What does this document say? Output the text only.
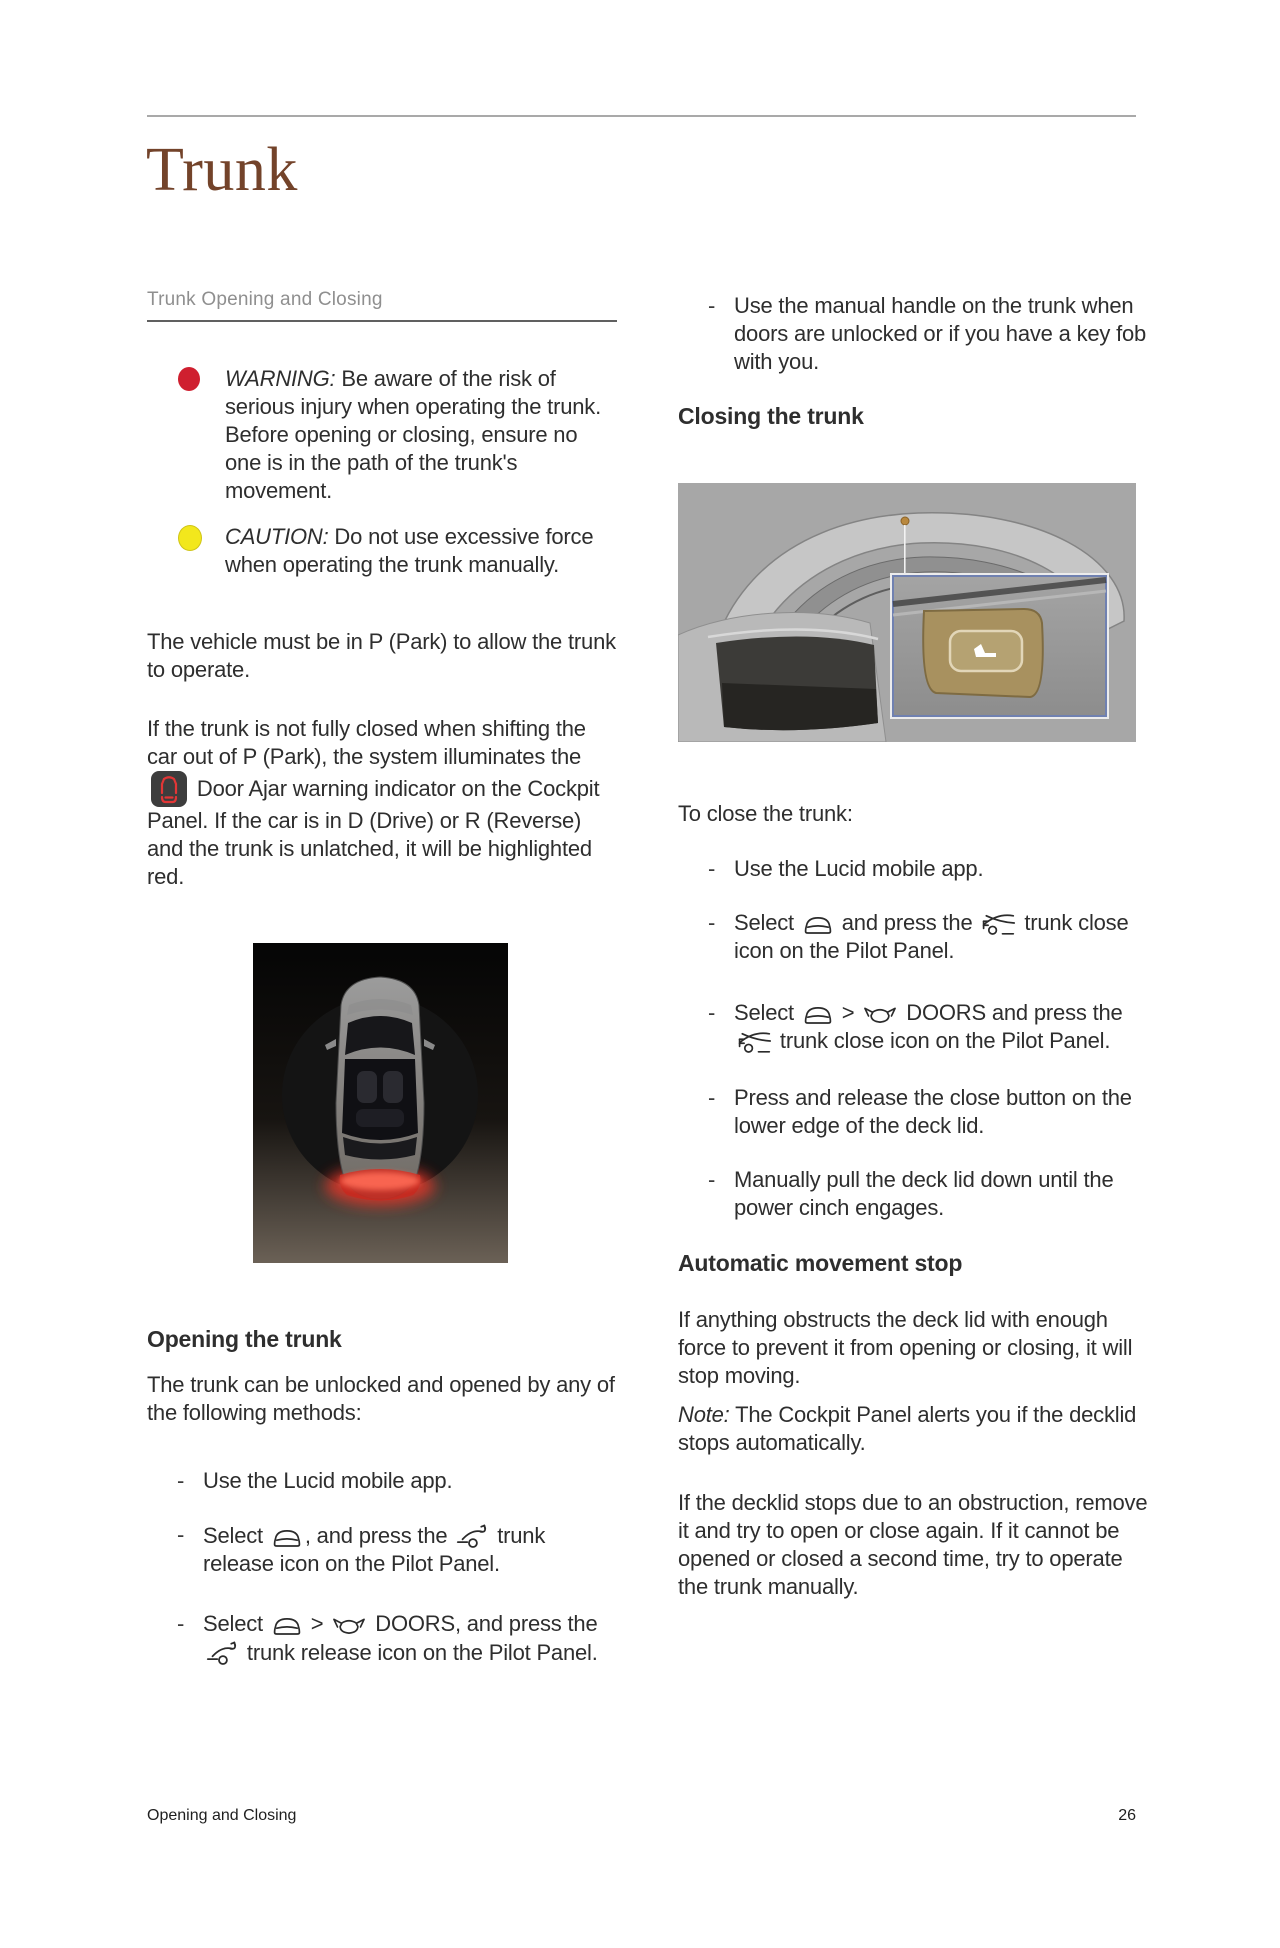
Trunk
Trunk Opening and Closing

WARNING: Be aware of the risk of serious injury when operating the trunk. Before opening or closing, ensure no one is in the path of the trunk's movement.

CAUTION: Do not use excessive force when operating the trunk manually.

The vehicle must be in P (Park) to allow the trunk to operate.

If the trunk is not fully closed when shifting the car out of P (Park), the system illuminates the Door Ajar warning indicator on the Cockpit Panel. If the car is in D (Drive) or R (Reverse) and the trunk is unlatched, it will be highlighted red.

Opening the trunk

The trunk can be unlocked and opened by any of the following methods:

- Use the Lucid mobile app.
- Select
, and press the
trunk release icon on the Pilot Panel.
- Select
>
DOORS, and press the
trunk release icon on the Pilot Panel.
- Use the manual handle on the trunk when doors are unlocked or if you have a key fob with you.
Closing the trunk

To close the trunk:

- Use the Lucid mobile app.
- Select
and press the
trunk close icon on the Pilot Panel.
- Select
>
DOORS and press the
trunk close icon on the Pilot Panel.
- Press and release the close button on the lower edge of the deck lid.
- Manually pull the deck lid down until the power cinch engages.
Automatic movement stop

If anything obstructs the deck lid with enough force to prevent it from opening or closing, it will stop moving.

Note: The Cockpit Panel alerts you if the decklid stops automatically.

If the decklid stops due to an obstruction, remove it and try to open or close again. If it cannot be opened or closed a second time, try to operate the trunk manually.

Opening and Closing	26
